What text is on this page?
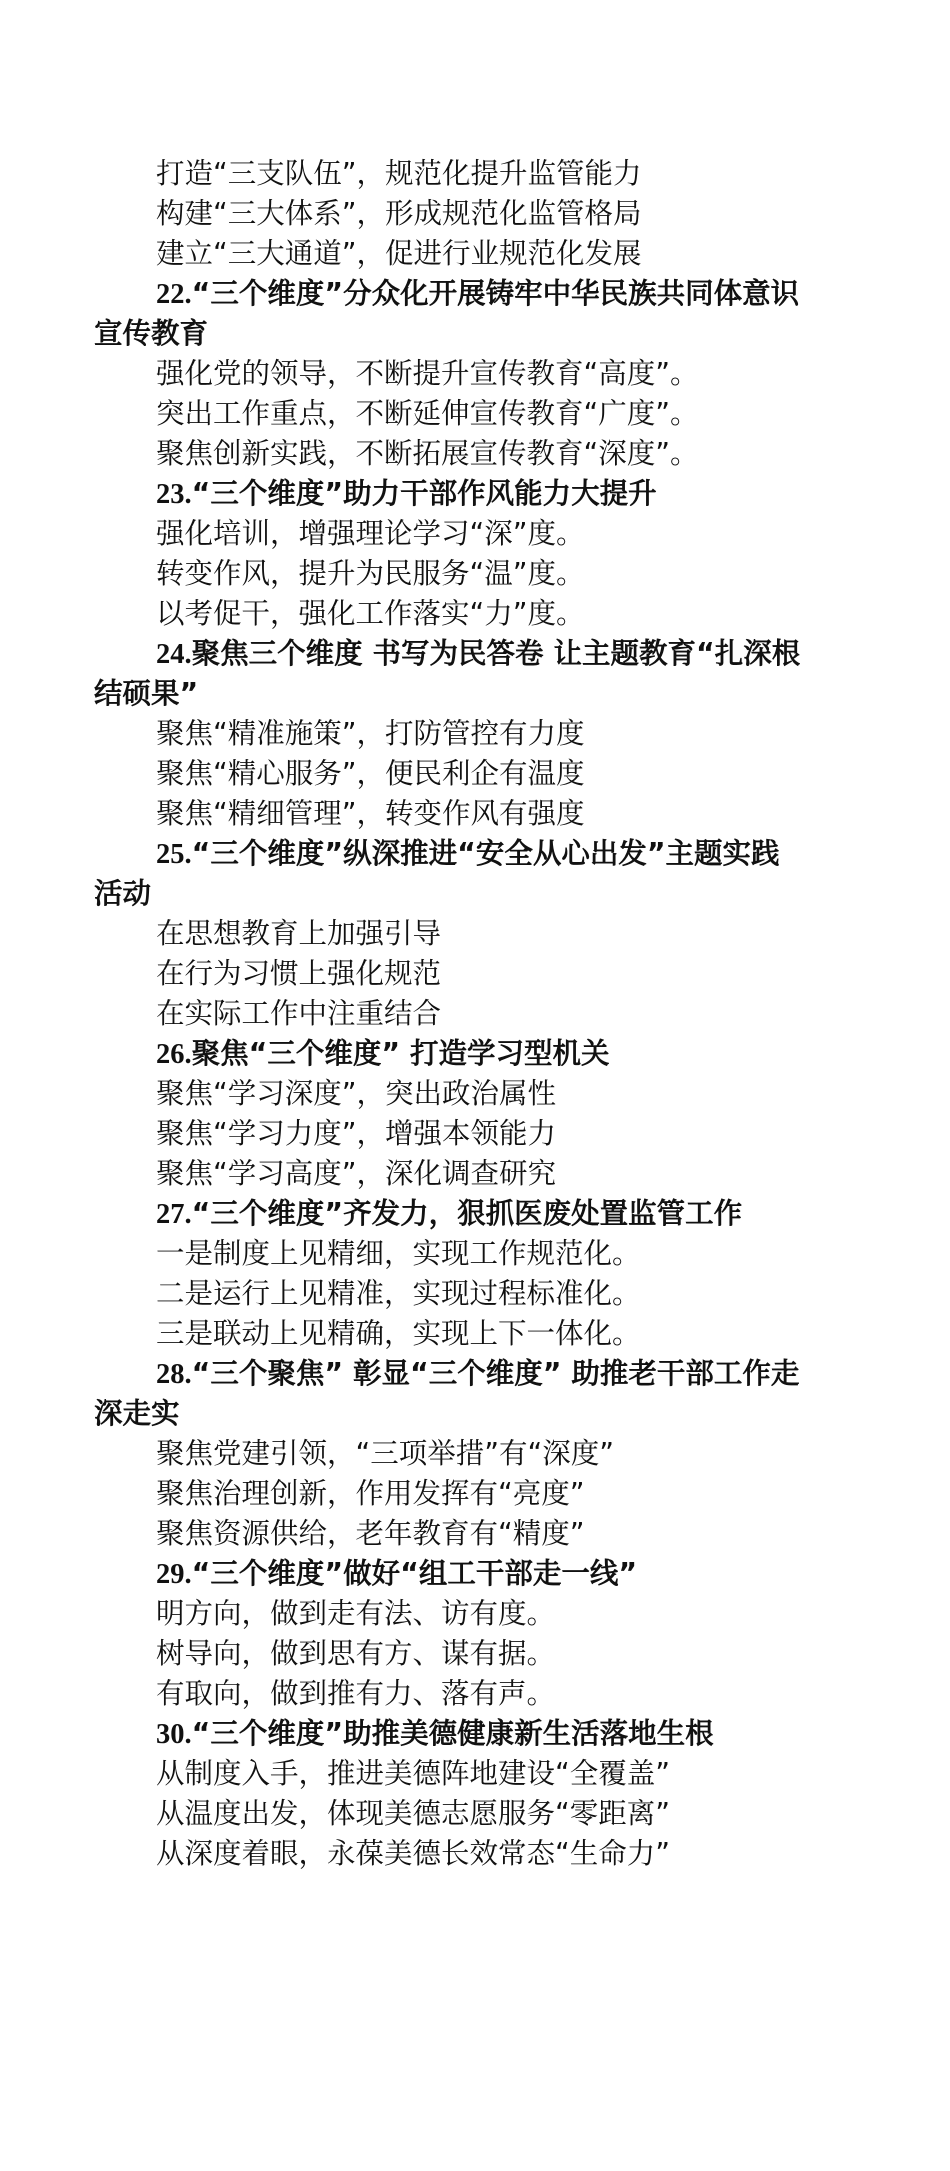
打造“三支队伍”，规范化提升监管能力

构建“三大体系”，形成规范化监管格局

建立“三大通道”，促进行业规范化发展

22.“三个维度”分众化开展铸牢中华民族共同体意识

宣传教育

强化党的领导，不断提升宣传教育“高度”。

突出工作重点，不断延伸宣传教育“广度”。

聚焦创新实践，不断拓展宣传教育“深度”。

23.“三个维度”助力干部作风能力大提升

强化培训，增强理论学习“深”度。

转变作风，提升为民服务“温”度。

以考促干，强化工作落实“力”度。

24.聚焦三个维度 书写为民答卷 让主题教育“扎深根

结硕果”

聚焦“精准施策”，打防管控有力度

聚焦“精心服务”，便民利企有温度

聚焦“精细管理”，转变作风有强度

25.“三个维度”纵深推进“安全从心出发”主题实践

活动

在思想教育上加强引导

在行为习惯上强化规范

在实际工作中注重结合

26.聚焦“三个维度” 打造学习型机关

聚焦“学习深度”，突出政治属性

聚焦“学习力度”，增强本领能力

聚焦“学习高度”，深化调查研究

27.“三个维度”齐发力，狠抓医废处置监管工作

一是制度上见精细，实现工作规范化。

二是运行上见精准，实现过程标准化。

三是联动上见精确，实现上下一体化。

28.“三个聚焦” 彰显“三个维度” 助推老干部工作走

深走实

聚焦党建引领，“三项举措”有“深度”

聚焦治理创新，作用发挥有“亮度”

聚焦资源供给，老年教育有“精度”

29.“三个维度”做好“组工干部走一线”

明方向，做到走有法、访有度。

树导向，做到思有方、谋有据。

有取向，做到推有力、落有声。

30.“三个维度”助推美德健康新生活落地生根

从制度入手，推进美德阵地建设“全覆盖”

从温度出发，体现美德志愿服务“零距离”

从深度着眼，永葆美德长效常态“生命力”
